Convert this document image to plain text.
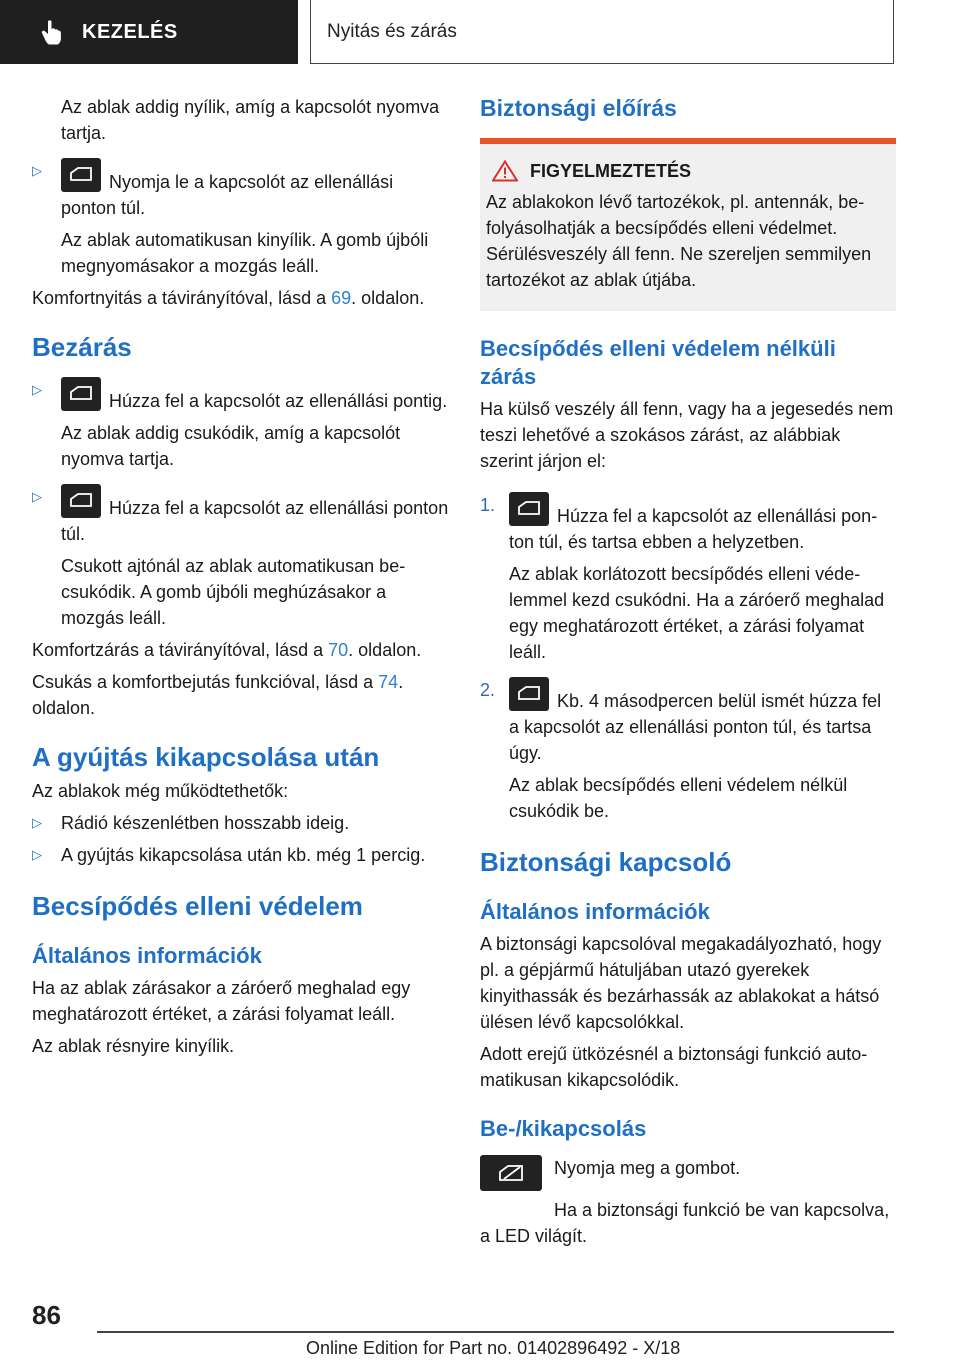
KEZELÉS	Nyitás és zárás

Az ablak addig nyílik, amíg a kapcsolót nyomva tartja.

▷
Nyomja le a kapcsolót az ellenállási ponton túl.

Az ablak automatikusan kinyílik. A gomb újbóli megnyomásakor a mozgás leáll.

Komfortnyitás a távirányítóval, lásd a 69. oldalon.

Bezárás
▷
Húzza fel a kapcsolót az ellenállási pontig.

Az ablak addig csukódik, amíg a kapcsolót nyomva tartja.

▷
Húzza fel a kapcsolót az ellenállási ponton túl.

Csukott ajtónál az ablak automatikusan becsukódik. A gomb újbóli meghúzásakor a mozgás leáll.

Komfortzárás a távirányítóval, lásd a 70. oldalon.

Csukás a komfortbejutás funkcióval, lásd a 74. oldalon.

A gyújtás kikapcsolása után

Az ablakok még működtethetők:

▷	Rádió készenlétben hosszabb ideig.
▷	A gyújtás kikapcsolása után kb. még 1 percig.
Becsípődés elleni védelem
Általános információk

Ha az ablak zárásakor a záróerő meghalad egy meghatározott értéket, a zárási folyamat leáll.

Az ablak résnyire kinyílik.

Biztonsági előírás
FIGYELMEZTETÉS

Az ablakokon lévő tartozékok, pl. antennák, befolyásolhatják a becsípődés elleni védelmet. Sérülésveszély áll fenn. Ne szereljen semmilyen tartozékot az ablak útjába.

Becsípődés elleni védelem nélküli zárás

Ha külső veszély áll fenn, vagy ha a jegesedés nem teszi lehetővé a szokásos zárást, az alábbiak szerint járjon el:

1.
Húzza fel a kapcsolót az ellenállási ponton túl, és tartsa ebben a helyzetben.

Az ablak korlátozott becsípődés elleni védelemmel kezd csukódni. Ha a záróerő meghalad egy meghatározott értéket, a zárási folyamat leáll.

2.
Kb. 4 másodpercen belül ismét húzza fel a kapcsolót az ellenállási ponton túl, és tartsa úgy.

Az ablak becsípődés elleni védelem nélkül csukódik be.

Biztonsági kapcsoló
Általános információk

A biztonsági kapcsolóval megakadályozható, hogy pl. a gépjármű hátuljában utazó gyerekek kinyithassák és bezárhassák az ablakokat a hátsó ülésen lévő kapcsolókkal.

Adott erejű ütközésnél a biztonsági funkció automatikusan kikapcsolódik.

Be-/kikapcsolás

Nyomja meg a gombot.

Ha a biztonsági funkció be van kapcsolva, a LED világít.

86
Online Edition for Part no. 01402896492 - X/18
